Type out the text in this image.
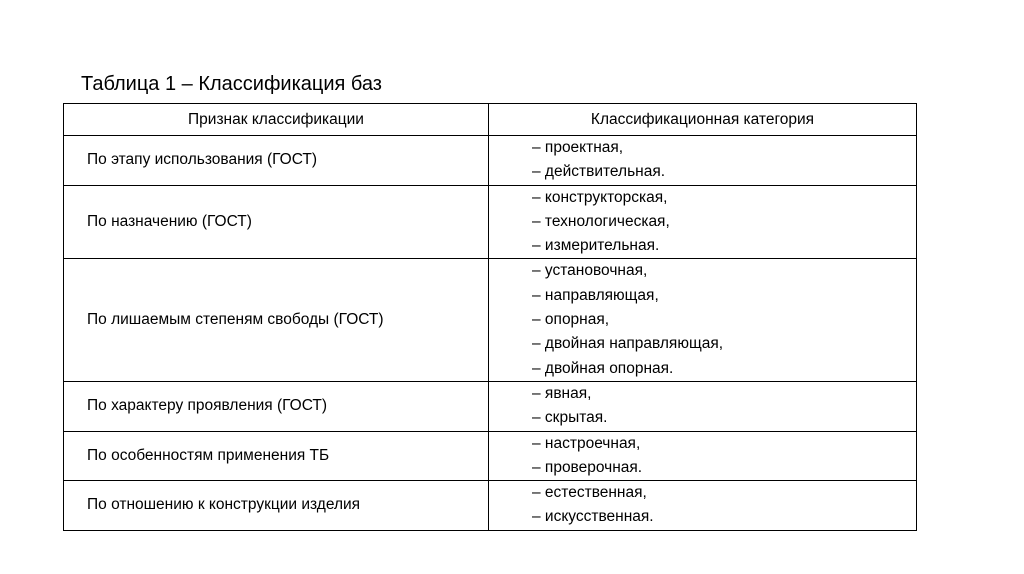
Таблица 1 – Классификация баз
Признак классификации	Классификационная категория
По этапу использования (ГОСТ)	– проектная,
– действительная.

По назначению (ГОСТ)	– конструкторская,
– технологическая,
– измерительная.

По лишаемым степеням свободы (ГОСТ)	– установочная,
– направляющая,
– опорная,
– двойная направляющая,
– двойная опорная.

По характеру проявления (ГОСТ)	– явная,
– скрытая.

По особенностям применения ТБ	– настроечная,
– проверочная.

По отношению к конструкции изделия	– естественная,
– искусственная.
